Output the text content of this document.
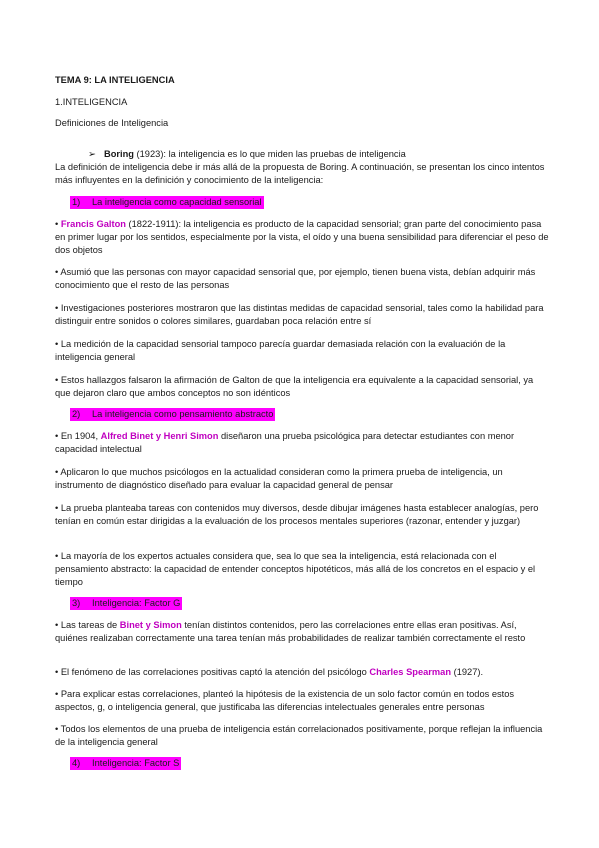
TEMA 9: LA INTELIGENCIA

1.INTELIGENCIA

Definiciones de Inteligencia

➢ Boring (1923): la inteligencia es lo que miden las pruebas de inteligencia

La definición de inteligencia debe ir más allá de la propuesta de Boring. A continuación, se presentan los cinco intentos más influyentes en la definición y conocimiento de la inteligencia:

1) La inteligencia como capacidad sensorial

• Francis Galton (1822-1911): la inteligencia es producto de la capacidad sensorial; gran parte del conocimiento pasa en primer lugar por los sentidos, especialmente por la vista, el oído y una buena sensibilidad para diferenciar el peso de dos objetos

• Asumió que las personas con mayor capacidad sensorial que, por ejemplo, tienen buena vista, debían adquirir más conocimiento que el resto de las personas

• Investigaciones posteriores mostraron que las distintas medidas de capacidad sensorial, tales como la habilidad para distinguir entre sonidos o colores similares, guardaban poca relación entre sí

• La medición de la capacidad sensorial tampoco parecía guardar demasiada relación con la evaluación de la inteligencia general

• Estos hallazgos falsaron la afirmación de Galton de que la inteligencia era equivalente a la capacidad sensorial, ya que dejaron claro que ambos conceptos no son idénticos

2) La inteligencia como pensamiento abstracto

• En 1904, Alfred Binet y Henri Simon diseñaron una prueba psicológica para detectar estudiantes con menor capacidad intelectual

• Aplicaron lo que muchos psicólogos en la actualidad consideran como la primera prueba de inteligencia, un instrumento de diagnóstico diseñado para evaluar la capacidad general de pensar

• La prueba planteaba tareas con contenidos muy diversos, desde dibujar imágenes hasta establecer analogías, pero tenían en común estar dirigidas a la evaluación de los procesos mentales superiores (razonar, entender y juzgar)

• La mayoría de los expertos actuales considera que, sea lo que sea la inteligencia, está relacionada con el pensamiento abstracto: la capacidad de entender conceptos hipotéticos, más allá de los concretos en el espacio y el tiempo

3) Inteligencia: Factor G

• Las tareas de Binet y Simon tenían distintos contenidos, pero las correlaciones entre ellas eran positivas. Así, quiénes realizaban correctamente una tarea tenían más probabilidades de realizar también correctamente el resto

• El fenómeno de las correlaciones positivas captó la atención del psicólogo Charles Spearman (1927).

• Para explicar estas correlaciones, planteó la hipótesis de la existencia de un solo factor común en todos estos aspectos, g, o inteligencia general, que justificaba las diferencias intelectuales generales entre personas

• Todos los elementos de una prueba de inteligencia están correlacionados positivamente, porque reflejan la influencia de la inteligencia general

4) Inteligencia: Factor S
